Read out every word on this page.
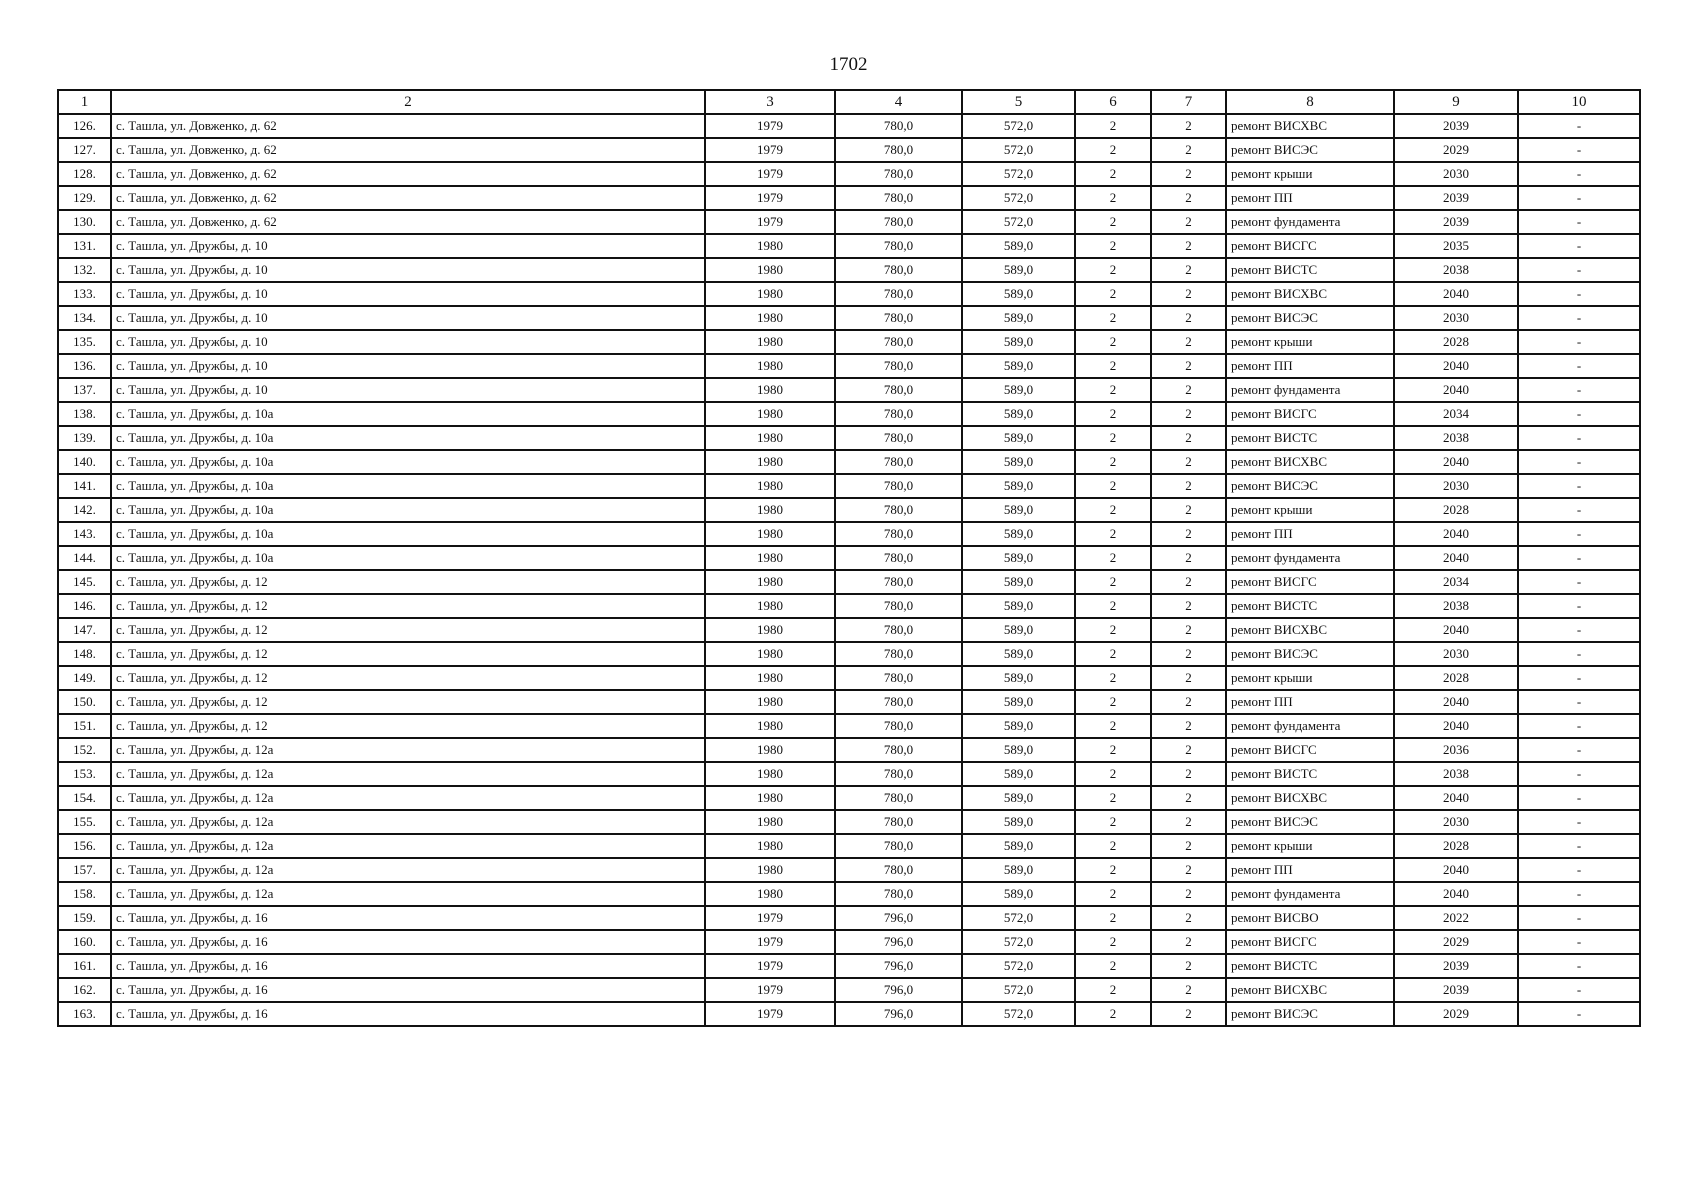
1702
1	2	3	4	5	6	7	8	9	10
126.	с. Ташла, ул. Довженко, д. 62	1979	780,0	572,0	2	2	ремонт ВИСХВС	2039	-
127.	с. Ташла, ул. Довженко, д. 62	1979	780,0	572,0	2	2	ремонт ВИСЭС	2029	-
128.	с. Ташла, ул. Довженко, д. 62	1979	780,0	572,0	2	2	ремонт крыши	2030	-
129.	с. Ташла, ул. Довженко, д. 62	1979	780,0	572,0	2	2	ремонт ПП	2039	-
130.	с. Ташла, ул. Довженко, д. 62	1979	780,0	572,0	2	2	ремонт фундамента	2039	-
131.	с. Ташла, ул. Дружбы, д. 10	1980	780,0	589,0	2	2	ремонт ВИСГС	2035	-
132.	с. Ташла, ул. Дружбы, д. 10	1980	780,0	589,0	2	2	ремонт ВИСТС	2038	-
133.	с. Ташла, ул. Дружбы, д. 10	1980	780,0	589,0	2	2	ремонт ВИСХВС	2040	-
134.	с. Ташла, ул. Дружбы, д. 10	1980	780,0	589,0	2	2	ремонт ВИСЭС	2030	-
135.	с. Ташла, ул. Дружбы, д. 10	1980	780,0	589,0	2	2	ремонт крыши	2028	-
136.	с. Ташла, ул. Дружбы, д. 10	1980	780,0	589,0	2	2	ремонт ПП	2040	-
137.	с. Ташла, ул. Дружбы, д. 10	1980	780,0	589,0	2	2	ремонт фундамента	2040	-
138.	с. Ташла, ул. Дружбы, д. 10а	1980	780,0	589,0	2	2	ремонт ВИСГС	2034	-
139.	с. Ташла, ул. Дружбы, д. 10а	1980	780,0	589,0	2	2	ремонт ВИСТС	2038	-
140.	с. Ташла, ул. Дружбы, д. 10а	1980	780,0	589,0	2	2	ремонт ВИСХВС	2040	-
141.	с. Ташла, ул. Дружбы, д. 10а	1980	780,0	589,0	2	2	ремонт ВИСЭС	2030	-
142.	с. Ташла, ул. Дружбы, д. 10а	1980	780,0	589,0	2	2	ремонт крыши	2028	-
143.	с. Ташла, ул. Дружбы, д. 10а	1980	780,0	589,0	2	2	ремонт ПП	2040	-
144.	с. Ташла, ул. Дружбы, д. 10а	1980	780,0	589,0	2	2	ремонт фундамента	2040	-
145.	с. Ташла, ул. Дружбы, д. 12	1980	780,0	589,0	2	2	ремонт ВИСГС	2034	-
146.	с. Ташла, ул. Дружбы, д. 12	1980	780,0	589,0	2	2	ремонт ВИСТС	2038	-
147.	с. Ташла, ул. Дружбы, д. 12	1980	780,0	589,0	2	2	ремонт ВИСХВС	2040	-
148.	с. Ташла, ул. Дружбы, д. 12	1980	780,0	589,0	2	2	ремонт ВИСЭС	2030	-
149.	с. Ташла, ул. Дружбы, д. 12	1980	780,0	589,0	2	2	ремонт крыши	2028	-
150.	с. Ташла, ул. Дружбы, д. 12	1980	780,0	589,0	2	2	ремонт ПП	2040	-
151.	с. Ташла, ул. Дружбы, д. 12	1980	780,0	589,0	2	2	ремонт фундамента	2040	-
152.	с. Ташла, ул. Дружбы, д. 12а	1980	780,0	589,0	2	2	ремонт ВИСГС	2036	-
153.	с. Ташла, ул. Дружбы, д. 12а	1980	780,0	589,0	2	2	ремонт ВИСТС	2038	-
154.	с. Ташла, ул. Дружбы, д. 12а	1980	780,0	589,0	2	2	ремонт ВИСХВС	2040	-
155.	с. Ташла, ул. Дружбы, д. 12а	1980	780,0	589,0	2	2	ремонт ВИСЭС	2030	-
156.	с. Ташла, ул. Дружбы, д. 12а	1980	780,0	589,0	2	2	ремонт крыши	2028	-
157.	с. Ташла, ул. Дружбы, д. 12а	1980	780,0	589,0	2	2	ремонт ПП	2040	-
158.	с. Ташла, ул. Дружбы, д. 12а	1980	780,0	589,0	2	2	ремонт фундамента	2040	-
159.	с. Ташла, ул. Дружбы, д. 16	1979	796,0	572,0	2	2	ремонт ВИСВО	2022	-
160.	с. Ташла, ул. Дружбы, д. 16	1979	796,0	572,0	2	2	ремонт ВИСГС	2029	-
161.	с. Ташла, ул. Дружбы, д. 16	1979	796,0	572,0	2	2	ремонт ВИСТС	2039	-
162.	с. Ташла, ул. Дружбы, д. 16	1979	796,0	572,0	2	2	ремонт ВИСХВС	2039	-
163.	с. Ташла, ул. Дружбы, д. 16	1979	796,0	572,0	2	2	ремонт ВИСЭС	2029	-
